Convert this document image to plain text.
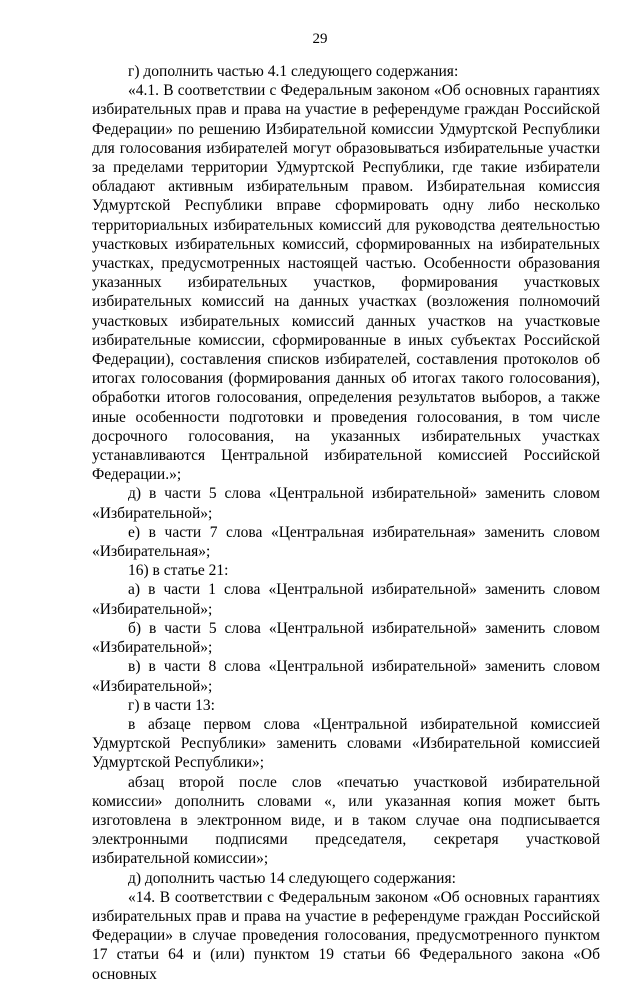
29

г) дополнить частью 4.1 следующего содержания:

«4.1. В соответствии с Федеральным законом «Об основных гарантиях избирательных прав и права на участие в референдуме граждан Российской Федерации» по решению Избирательной комиссии Удмуртской Республики для голосования избирателей могут образовываться избирательные участки за пределами территории Удмуртской Республики, где такие избиратели обладают активным избирательным правом. Избирательная комиссия Удмуртской Республики вправе сформировать одну либо несколько территориальных избирательных комиссий для руководства деятельностью участковых избирательных комиссий, сформированных на избирательных участках, предусмотренных настоящей частью. Особенности образования указанных избирательных участков, формирования участковых избирательных комиссий на данных участках (возложения полномочий участковых избирательных комиссий данных участков на участковые избирательные комиссии, сформированные в иных субъектах Российской Федерации), составления списков избирателей, составления протоколов об итогах голосования (формирования данных об итогах такого голосования), обработки итогов голосования, определения результатов выборов, а также иные особенности подготовки и проведения голосования, в том числе досрочного голосования, на указанных избирательных участках устанавливаются Центральной избирательной комиссией Российской Федерации.»;

д) в части 5 слова «Центральной избирательной» заменить словом «Избирательной»;

е) в части 7 слова «Центральная избирательная» заменить словом «Избирательная»;

16) в статье 21:

а) в части 1 слова «Центральной избирательной» заменить словом «Избирательной»;

б) в части 5 слова «Центральной избирательной» заменить словом «Избирательной»;

в) в части 8 слова «Центральной избирательной» заменить словом «Избирательной»;

г) в части 13:

в абзаце первом слова «Центральной избирательной комиссией Удмуртской Республики» заменить словами «Избирательной комиссией Удмуртской Республики»;

абзац второй после слов «печатью участковой избирательной комиссии» дополнить словами «, или указанная копия может быть изготовлена в электронном виде, и в таком случае она подписывается электронными подписями председателя, секретаря участковой избирательной комиссии»;

д) дополнить частью 14 следующего содержания:

«14. В соответствии с Федеральным законом «Об основных гарантиях избирательных прав и права на участие в референдуме граждан Российской Федерации» в случае проведения голосования, предусмотренного пунктом 17 статьи 64 и (или) пунктом 19 статьи 66 Федерального закона «Об основных
